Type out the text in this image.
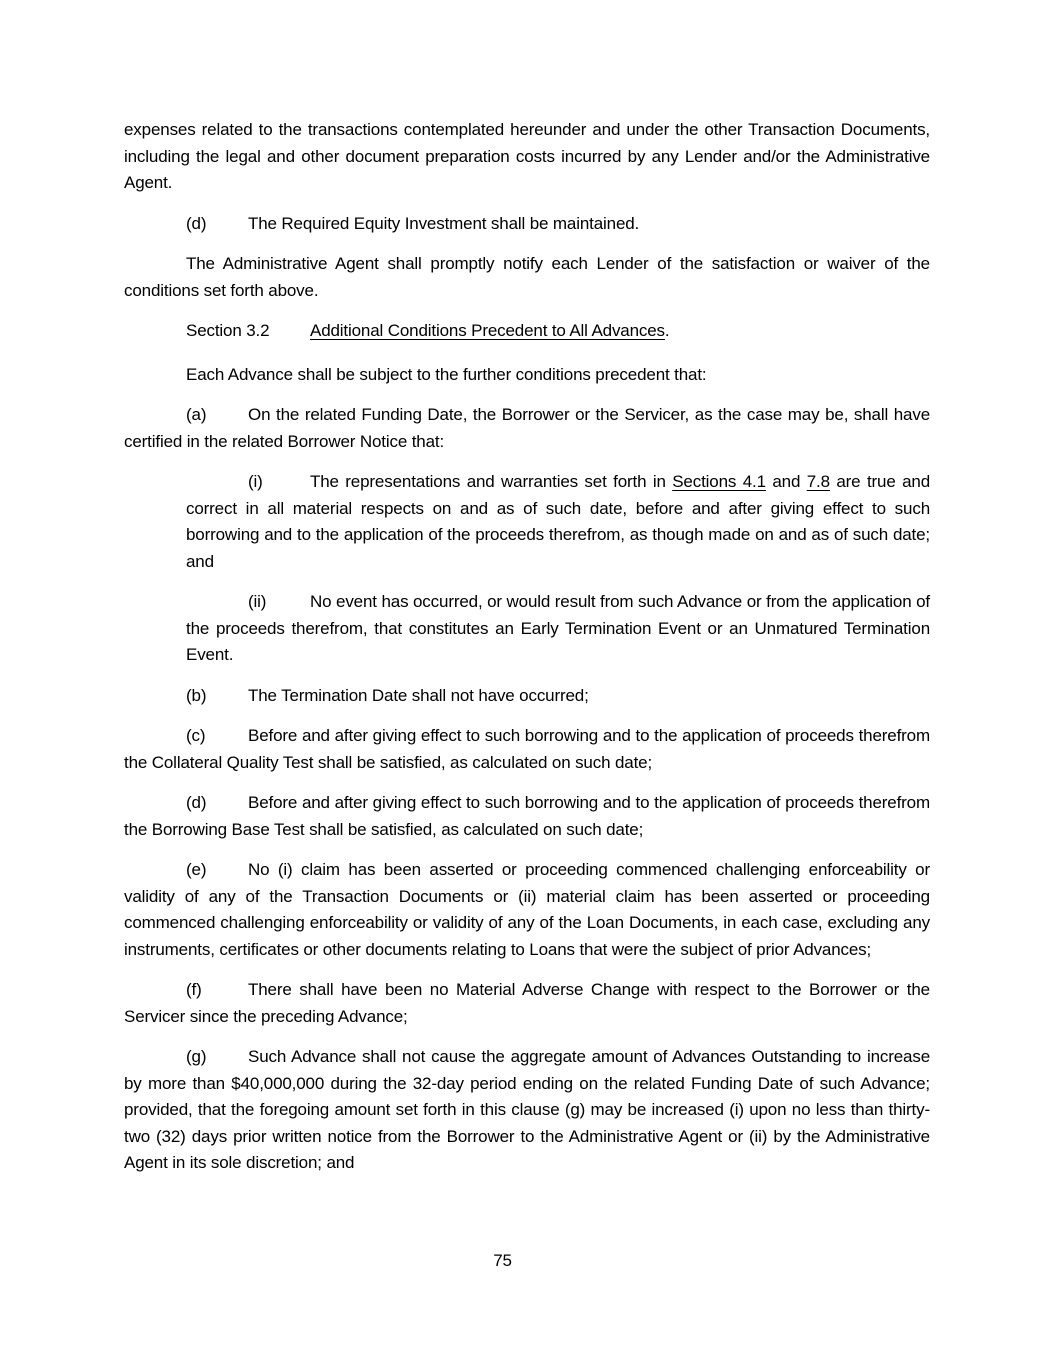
expenses related to the transactions contemplated hereunder and under the other Transaction Documents, including the legal and other document preparation costs incurred by any Lender and/or the Administrative Agent.

(d) The Required Equity Investment shall be maintained.

The Administrative Agent shall promptly notify each Lender of the satisfaction or waiver of the conditions set forth above.

Section 3.2 Additional Conditions Precedent to All Advances.

Each Advance shall be subject to the further conditions precedent that:

(a) On the related Funding Date, the Borrower or the Servicer, as the case may be, shall have certified in the related Borrower Notice that:

(i)	The representations and warranties set forth in Sections 4.1 and 7.8 are true and correct in all material respects on and as of such date, before and after giving effect to such borrowing and to the application of the proceeds therefrom, as though made on and as of such date; and

(ii)	No event has occurred, or would result from such Advance or from the application of the proceeds therefrom, that constitutes an Early Termination Event or an Unmatured Termination Event.

(b) The Termination Date shall not have occurred;

(c)	Before and after giving effect to such borrowing and to the application of proceeds therefrom the Collateral Quality Test shall be satisfied, as calculated on such date;

(d) Before and after giving effect to such borrowing and to the application of proceeds therefrom the Borrowing Base Test shall be satisfied, as calculated on such date;

(e) No (i) claim has been asserted or proceeding commenced challenging enforceability or validity of any of the Transaction Documents or (ii) material claim has been asserted or proceeding commenced challenging enforceability or validity of any of the Loan Documents, in each case, excluding any instruments, certificates or other documents relating to Loans that were the subject of prior Advances;

(f)	There shall have been no Material Adverse Change with respect to the Borrower or the Servicer since the preceding Advance;

(g) Such Advance shall not cause the aggregate amount of Advances Outstanding to increase by more than $40,000,000 during the 32-day period ending on the related Funding Date of such Advance; provided, that the foregoing amount set forth in this clause (g) may be increased (i) upon no less than thirty-two (32) days prior written notice from the Borrower to the Administrative Agent or (ii) by the Administrative Agent in its sole discretion; and

75
